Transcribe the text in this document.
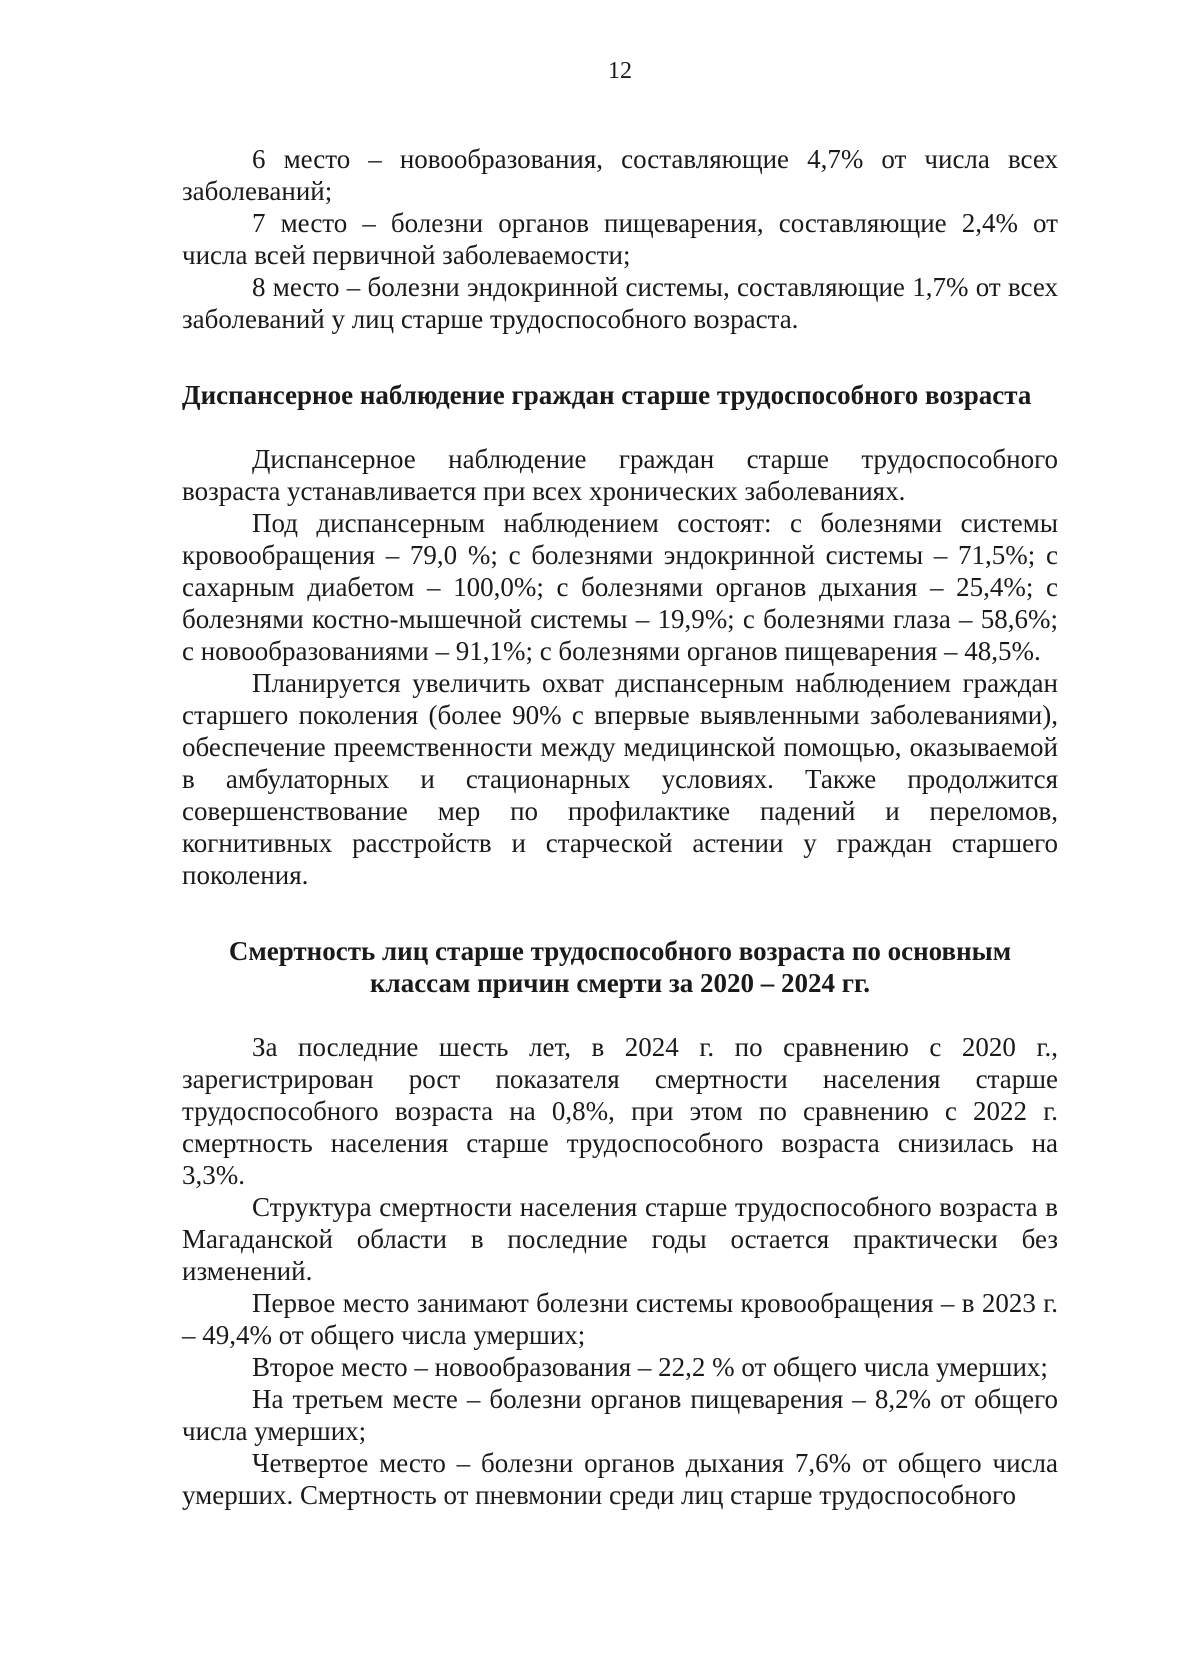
12

6 место – новообразования, составляющие 4,7% от числа всех заболеваний;

7 место – болезни органов пищеварения, составляющие 2,4% от числа всей первичной заболеваемости;

8 место – болезни эндокринной системы, составляющие 1,7% от всех заболеваний у лиц старше трудоспособного возраста.

Диспансерное наблюдение граждан старше трудоспособного возраста

Диспансерное наблюдение граждан старше трудоспособного возраста устанавливается при всех хронических заболеваниях.

Под диспансерным наблюдением состоят: с болезнями системы кровообращения – 79,0 %; с болезнями эндокринной системы – 71,5%; с сахарным диабетом – 100,0%; с болезнями органов дыхания – 25,4%; с болезнями костно-мышечной системы – 19,9%; с болезнями глаза – 58,6%; с новообразованиями – 91,1%; с болезнями органов пищеварения – 48,5%.

Планируется увеличить охват диспансерным наблюдением граждан старшего поколения (более 90% с впервые выявленными заболеваниями), обеспечение преемственности между медицинской помощью, оказываемой в амбулаторных и стационарных условиях. Также продолжится совершенствование мер по профилактике падений и переломов, когнитивных расстройств и старческой астении у граждан старшего поколения.

Смертность лиц старше трудоспособного возраста по основным
классам причин смерти за 2020 – 2024 гг.

За последние шесть лет, в 2024 г. по сравнению с 2020 г., зарегистрирован рост показателя смертности населения старше трудоспособного возраста на 0,8%, при этом по сравнению с 2022 г. смертность населения старше трудоспособного возраста снизилась на 3,3%.

Структура смертности населения старше трудоспособного возраста в Магаданской области в последние годы остается практически без изменений.

Первое место занимают болезни системы кровообращения – в 2023 г. – 49,4% от общего числа умерших;

Второе место – новообразования – 22,2 % от общего числа умерших;

На третьем месте – болезни органов пищеварения – 8,2% от общего числа умерших;

Четвертое место – болезни органов дыхания 7,6% от общего числа умерших. Смертность от пневмонии среди лиц старше трудоспособного
